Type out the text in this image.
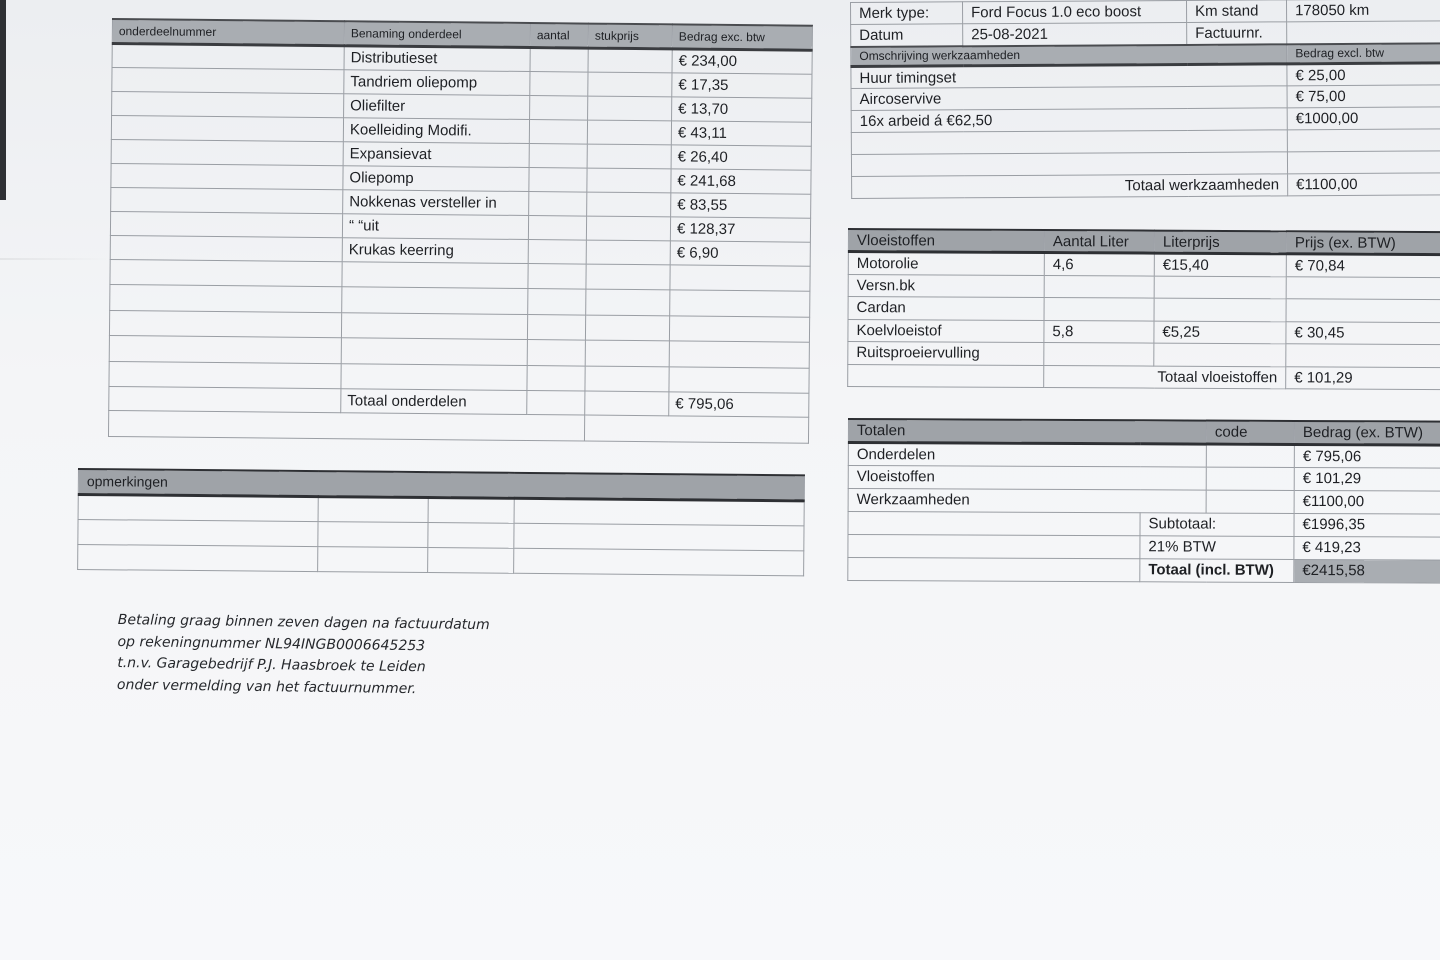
onderdeelnummer	Benaming onderdeel	aantal	stukprijs	Bedrag exc. btw
	Distributieset			€ 234,00
	Tandriem oliepomp			€ 17,35
	Oliefilter			€ 13,70
	Koelleiding Modifi.			€ 43,11
	Expansievat			€ 26,40
	Oliepomp			€ 241,68
	Nokkenas versteller in			€ 83,55
	“ “uit			€ 128,37
	Krukas keerring			€ 6,90

	Totaal onderdelen			€ 795,06

opmerkingen			

Merk type:	Ford Focus 1.0 eco boost	Km stand	178050 km
Datum	25-08-2021	Factuurnr.	
Omschrijving werkzaamheden			Bedrag excl. btw
Huur timingset			€ 25,00
Aircoservive			€ 75,00
16x arbeid á €62,50			€1000,00

Totaal werkzaamheden			€1100,00
Vloeistoffen	Aantal Liter	Literprijs	Prijs (ex. BTW)
Motorolie	4,6	€15,40	€ 70,84
Versn.bk			
Cardan			
Koelvloeistof	5,8	€5,25	€ 30,45
Ruitsproeiervulling			
	Totaal vloeistoffen		€ 101,29
Totalen		code	Bedrag (ex. BTW)
Onderdelen			€ 795,06
Vloeistoffen			€ 101,29
Werkzaamheden			€1100,00
	Subtotaal:		€1996,35
	21% BTW		€ 419,23
	Totaal (incl. BTW)		€2415,58
Betaling graag binnen zeven dagen na factuurdatum
op rekeningnummer NL94INGB0006645253
t.n.v. Garagebedrijf P.J. Haasbroek te Leiden
onder vermelding van het factuurnummer.
